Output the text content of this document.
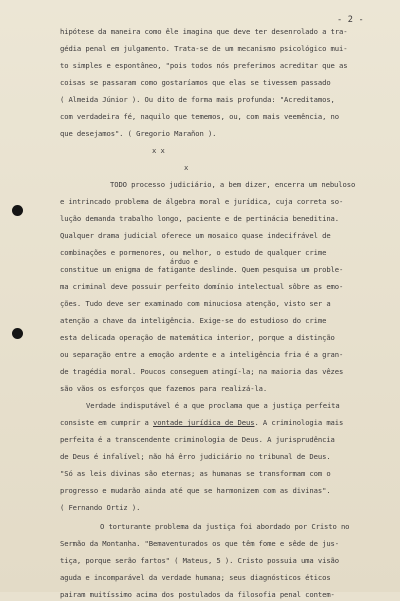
- 2 -
hipótese da maneira como êle imagina que deve ter desenrolado a tra-
gédia penal em julgamento. Trata-se de um mecanismo psicológico mui-
to simples e espontâneo, "pois todos nós preferimos acreditar que as
coisas se passaram como gostaríamos que elas se tivessem passado
( Almeida Júnior ). Ou dito de forma mais profunda: "Acreditamos,
com verdadeira fé, naquilo que tememos, ou, com mais veemência, no
que desejamos". ( Gregorio Marañon ).
x x
x
TODO processo judiciário, a bem dizer, encerra um nebuloso
e intrincado problema de álgebra moral e jurídica, cuja correta so-
lução demanda trabalho longo, paciente e de pertinácia beneditina.
Qualquer drama judicial oferece um mosaico quase indecifrável de
combinações e pormenores, ou melhor, o estudo de qualquer crime
árduo e
constitue um enigma de fatigante deslinde. Quem pesquisa um proble-
ma criminal deve possuir perfeito domínio intelectual sôbre as emo-
ções. Tudo deve ser examinado com minuciosa atenção, visto ser a
atenção a chave da inteligência. Exige-se do estudioso do crime
esta delicada operação de matemática interior, porque a distinção
ou separação entre a emoção ardente e a inteligência fria é a gran-
de tragédia moral. Poucos conseguem atingí-la; na maioria das vêzes
são vãos os esforços que fazemos para realizá-la.
Verdade indisputável é a que proclama que a justiça perfeita
consiste em cumprir a vontade jurídica de Deus. A criminologia mais
perfeita é a transcendente criminologia de Deus. A jurisprudência
de Deus é infalível; não há êrro judiciário no tribunal de Deus.
"Só as leis divinas são eternas; as humanas se transformam com o
progresso e mudarão ainda até que se harmonizem com as divinas".
( Fernando Ortiz ).
O torturante problema da justiça foi abordado por Cristo no
Sermão da Montanha. "Bemaventurados os que têm fome e sêde de jus-
tiça, porque serão fartos" ( Mateus, 5 ). Cristo possuia uma visão
aguda e incomparável da verdade humana; seus diagnósticos éticos
pairam muitíssimo acima dos postulados da filosofia penal contem-
